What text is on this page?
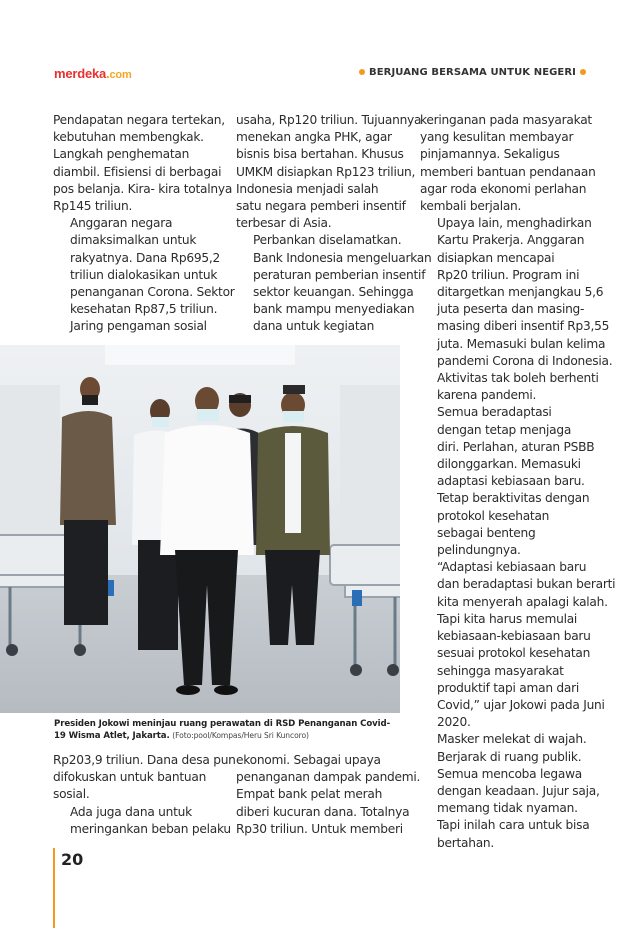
merdeka.com	BERJUANG BERSAMA UNTUK NEGERI

Pendapatan negara tertekan,
kebutuhan membengkak.
Langkah penghematan
diambil. Efisiensi di berbagai
pos belanja. Kira- kira totalnya
Rp145 triliun.

Anggaran negara
dimaksimalkan untuk
rakyatnya. Dana Rp695,2
triliun dialokasikan untuk
penanganan Corona. Sektor
kesehatan Rp87,5 triliun.
Jaring pengaman sosial

usaha, Rp120 triliun. Tujuannya
menekan angka PHK, agar
bisnis bisa bertahan. Khusus
UMKM disiapkan Rp123 triliun,
Indonesia menjadi salah
satu negara pemberi insentif
terbesar di Asia.

Perbankan diselamatkan.
Bank Indonesia mengeluarkan
peraturan pemberian insentif
sektor keuangan. Sehingga
bank mampu menyediakan
dana untuk kegiatan

keringanan pada masyarakat
yang kesulitan membayar
pinjamannya. Sekaligus
memberi bantuan pendanaan
agar roda ekonomi perlahan
kembali berjalan.

Upaya lain, menghadirkan
Kartu Prakerja. Anggaran
disiapkan mencapai
Rp20 triliun. Program ini
ditargetkan menjangkau 5,6
juta peserta dan masing-
masing diberi insentif Rp3,55
juta. Memasuki bulan kelima
pandemi Corona di Indonesia.
Aktivitas tak boleh berhenti
karena pandemi.

Semua beradaptasi
dengan tetap menjaga
diri. Perlahan, aturan PSBB
dilonggarkan. Memasuki
adaptasi kebiasaan baru.
Tetap beraktivitas dengan
protokol kesehatan
sebagai benteng
pelindungnya.

“Adaptasi kebiasaan baru
dan beradaptasi bukan berarti
kita menyerah apalagi kalah.
Tapi kita harus memulai
kebiasaan-kebiasaan baru
sesuai protokol kesehatan
sehingga masyarakat
produktif tapi aman dari
Covid,” ujar Jokowi pada Juni
2020.

Masker melekat di wajah.
Berjarak di ruang publik.
Semua mencoba legawa
dengan keadaan. Jujur saja,
memang tidak nyaman.
Tapi inilah cara untuk bisa
bertahan.

Presiden Jokowi meninjau ruang perawatan di RSD Penanganan Covid-19 Wisma Atlet, Jakarta. (Foto:pool/Kompas/Heru Sri Kuncoro)

Rp203,9 triliun. Dana desa pun
difokuskan untuk bantuan
sosial.

Ada juga dana untuk
meringankan beban pelaku

ekonomi. Sebagai upaya
penanganan dampak pandemi.
Empat bank pelat merah
diberi kucuran dana. Totalnya
Rp30 triliun. Untuk memberi

20
